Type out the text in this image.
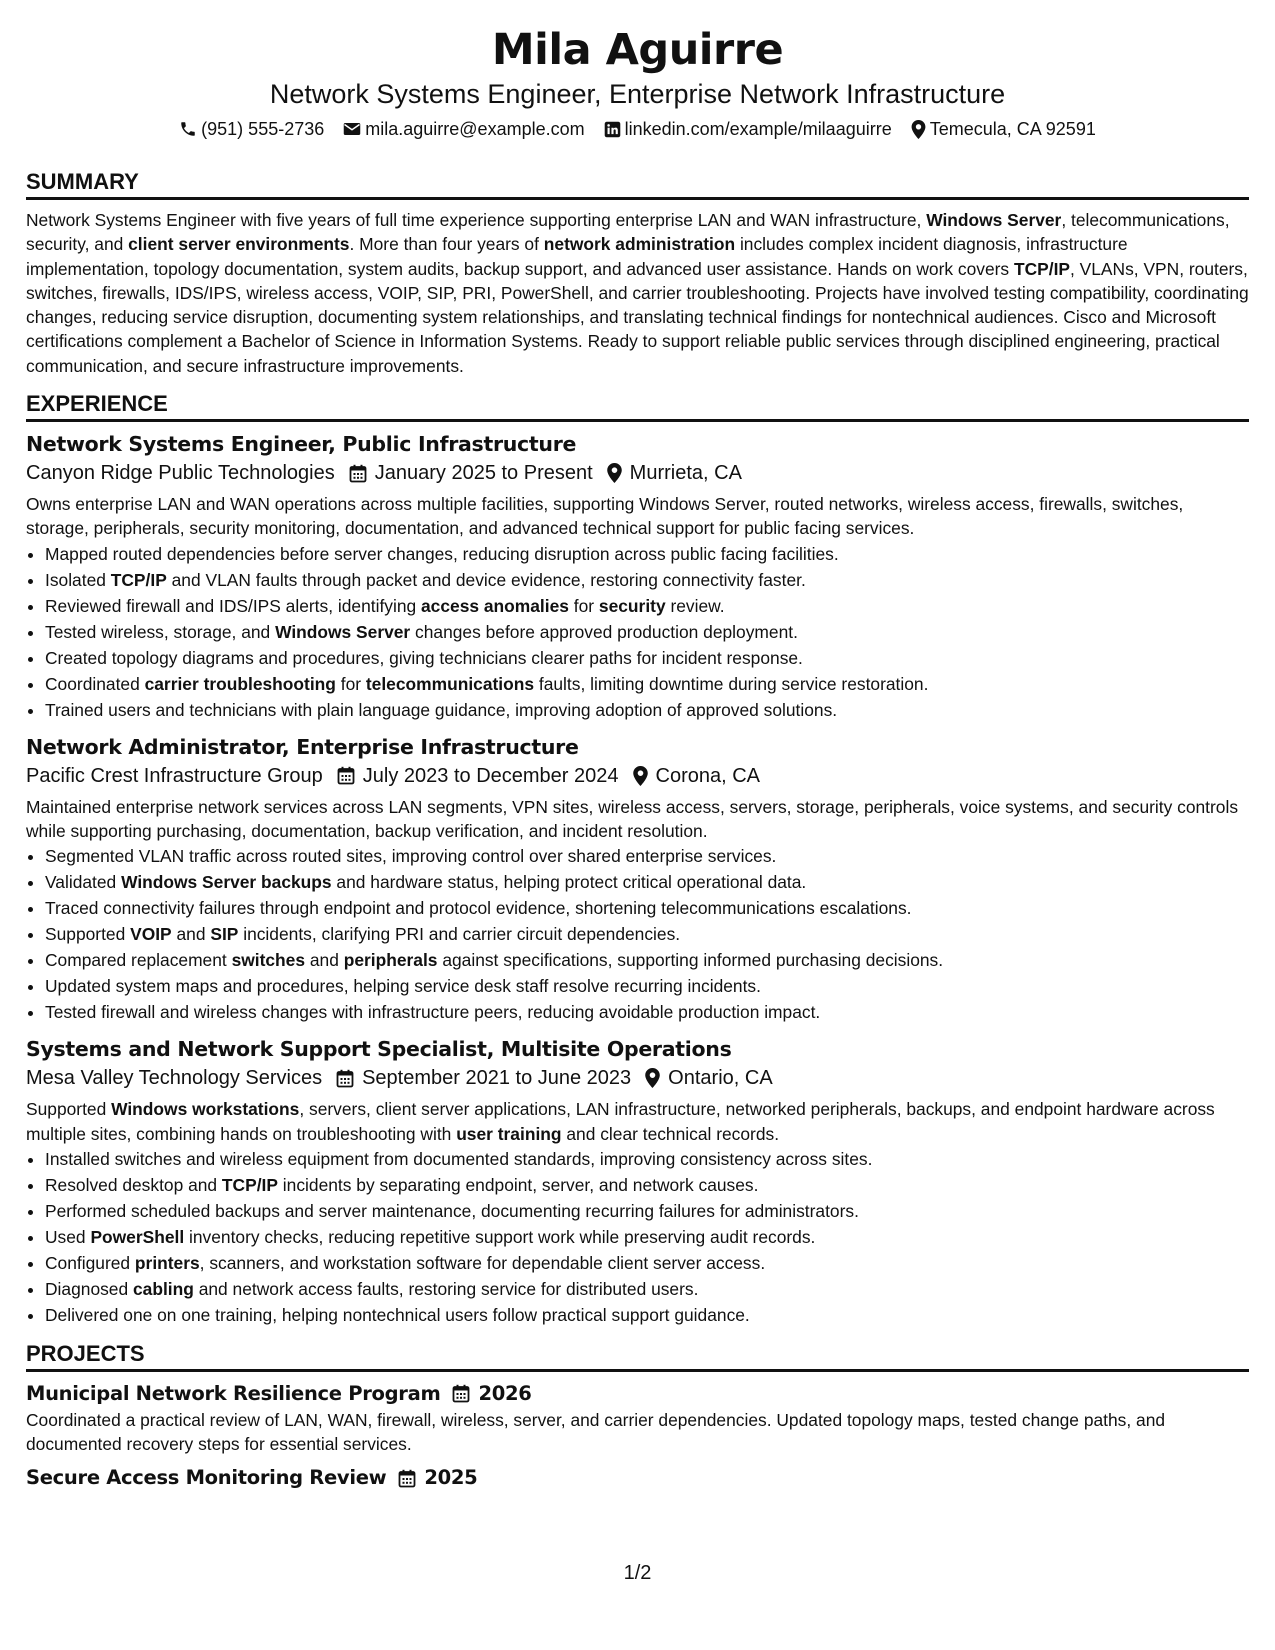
Mila Aguirre
Network Systems Engineer, Enterprise Network Infrastructure
(951) 555-2736 mila.aguirre@example.com linkedin.com/example/milaaguirre Temecula, CA 92591
SUMMARY

Network Systems Engineer with five years of full time experience supporting enterprise LAN and WAN infrastructure, Windows Server, telecommunications, security, and client server environments. More than four years of network administration includes complex incident diagnosis, infrastructure implementation, topology documentation, system audits, backup support, and advanced user assistance. Hands on work covers TCP/IP, VLANs, VPN, routers, switches, firewalls, IDS/IPS, wireless access, VOIP, SIP, PRI, PowerShell, and carrier troubleshooting. Projects have involved testing compatibility, coordinating changes, reducing service disruption, documenting system relationships, and translating technical findings for nontechnical audiences. Cisco and Microsoft certifications complement a Bachelor of Science in Information Systems. Ready to support reliable public services through disciplined engineering, practical communication, and secure infrastructure improvements.

EXPERIENCE
Network Systems Engineer, Public Infrastructure
Canyon Ridge Public Technologies January 2025 to Present Murrieta, CA

Owns enterprise LAN and WAN operations across multiple facilities, supporting Windows Server, routed networks, wireless access, firewalls, switches, storage, peripherals, security monitoring, documentation, and advanced technical support for public facing services.

• Mapped routed dependencies before server changes, reducing disruption across public facing facilities.
• Isolated TCP/IP and VLAN faults through packet and device evidence, restoring connectivity faster.
• Reviewed firewall and IDS/IPS alerts, identifying access anomalies for security review.
• Tested wireless, storage, and Windows Server changes before approved production deployment.
• Created topology diagrams and procedures, giving technicians clearer paths for incident response.
• Coordinated carrier troubleshooting for telecommunications faults, limiting downtime during service restoration.
• Trained users and technicians with plain language guidance, improving adoption of approved solutions.
Network Administrator, Enterprise Infrastructure
Pacific Crest Infrastructure Group July 2023 to December 2024 Corona, CA

Maintained enterprise network services across LAN segments, VPN sites, wireless access, servers, storage, peripherals, voice systems, and security controls while supporting purchasing, documentation, backup verification, and incident resolution.

• Segmented VLAN traffic across routed sites, improving control over shared enterprise services.
• Validated Windows Server backups and hardware status, helping protect critical operational data.
• Traced connectivity failures through endpoint and protocol evidence, shortening telecommunications escalations.
• Supported VOIP and SIP incidents, clarifying PRI and carrier circuit dependencies.
• Compared replacement switches and peripherals against specifications, supporting informed purchasing decisions.
• Updated system maps and procedures, helping service desk staff resolve recurring incidents.
• Tested firewall and wireless changes with infrastructure peers, reducing avoidable production impact.
Systems and Network Support Specialist, Multisite Operations
Mesa Valley Technology Services September 2021 to June 2023 Ontario, CA

Supported Windows workstations, servers, client server applications, LAN infrastructure, networked peripherals, backups, and endpoint hardware across multiple sites, combining hands on troubleshooting with user training and clear technical records.

• Installed switches and wireless equipment from documented standards, improving consistency across sites.
• Resolved desktop and TCP/IP incidents by separating endpoint, server, and network causes.
• Performed scheduled backups and server maintenance, documenting recurring failures for administrators.
• Used PowerShell inventory checks, reducing repetitive support work while preserving audit records.
• Configured printers, scanners, and workstation software for dependable client server access.
• Diagnosed cabling and network access faults, restoring service for distributed users.
• Delivered one on one training, helping nontechnical users follow practical support guidance.
PROJECTS
Municipal Network Resilience Program 2026

Coordinated a practical review of LAN, WAN, firewall, wireless, server, and carrier dependencies. Updated topology maps, tested change paths, and documented recovery steps for essential services.

Secure Access Monitoring Review 2025
1/2
